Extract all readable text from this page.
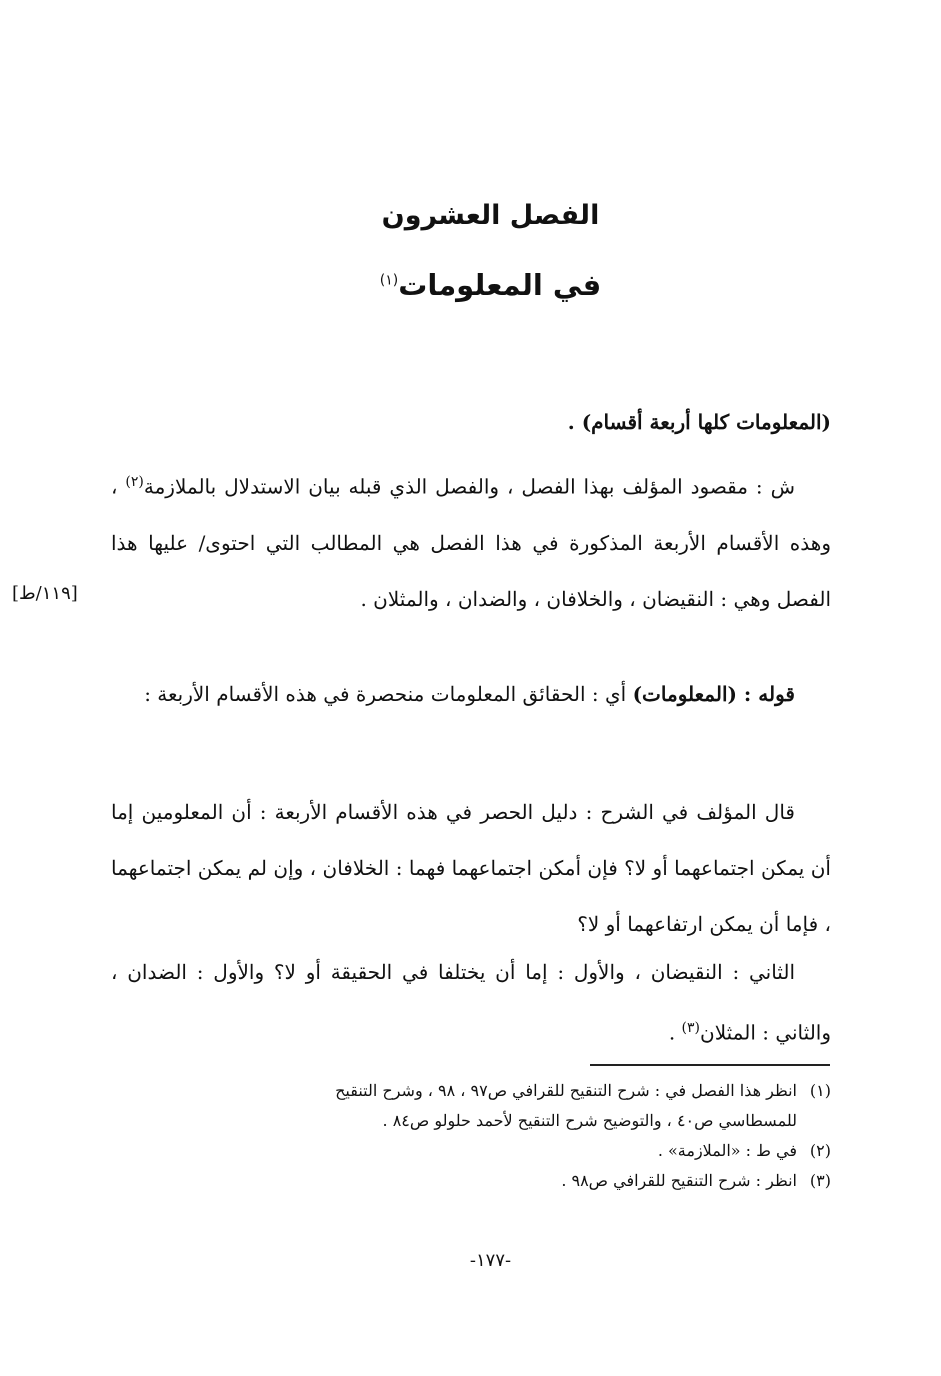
الفصل العشرون
في المعلومات$^{(١)}$
(المعلومات كلها أربعة أقسام) .
ش : مقصود المؤلف بهذا الفصل ، والفصل الذي قبله بيان الاستدلال بالملازمة$^{(٢)}$ ، وهذه الأقسام الأربعة المذكورة في هذا الفصل هي المطالب التي احتوى/ عليها هذا الفصل وهي : النقيضان ، والخلافان ، والضدان ، والمثلان .
[١١٩/ط]
قوله : (المعلومات) أي : الحقائق المعلومات منحصرة في هذه الأقسام الأربعة :
قال المؤلف في الشرح : دليل الحصر في هذه الأقسام الأربعة : أن المعلومين إما أن يمكن اجتماعهما أو لا؟ فإن أمكن اجتماعهما فهما : الخلافان ، وإن لم يمكن اجتماعهما ، فإما أن يمكن ارتفاعهما أو لا؟
الثاني : النقيضان ، والأول : إما أن يختلفا في الحقيقة أو لا؟ والأول : الضدان ، والثاني : المثلان$^{(٣)}$ .

(١)انظر هذا الفصل في : شرح التنقيح للقرافي ص٩٧ ، ٩٨ ، وشرح التنقيح

للمسطاسي ص٤٠ ، والتوضيح شرح التنقيح لأحمد حلولو ص٨٤ .

(٢)في ط : «الملازمة» .

(٣)انظر : شرح التنقيح للقرافي ص٩٨ .

-١٧٧-
